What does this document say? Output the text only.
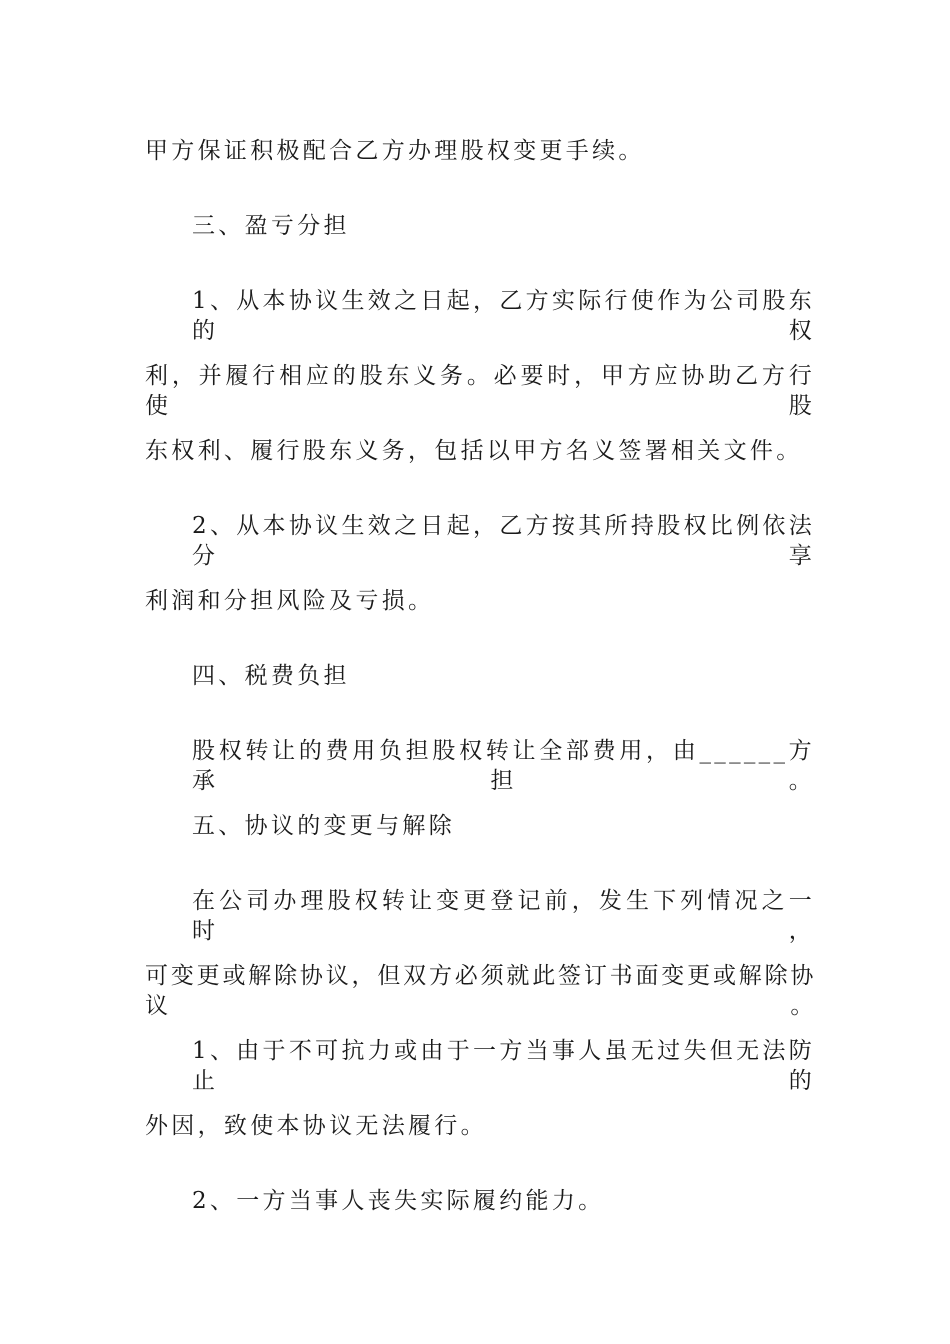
甲方保证积极配合乙方办理股权变更手续。
三、盈亏分担
1、从本协议生效之日起，乙方实际行使作为公司股东的权
利，并履行相应的股东义务。必要时，甲方应协助乙方行使股
东权利、履行股东义务，包括以甲方名义签署相关文件。
2、从本协议生效之日起，乙方按其所持股权比例依法分享
利润和分担风险及亏损。
四、税费负担
股权转让的费用负担股权转让全部费用，由______方承担。
五、协议的变更与解除
在公司办理股权转让变更登记前，发生下列情况之一时，
可变更或解除协议，但双方必须就此签订书面变更或解除协议。
1、由于不可抗力或由于一方当事人虽无过失但无法防止的
外因，致使本协议无法履行。
2、一方当事人丧失实际履约能力。
